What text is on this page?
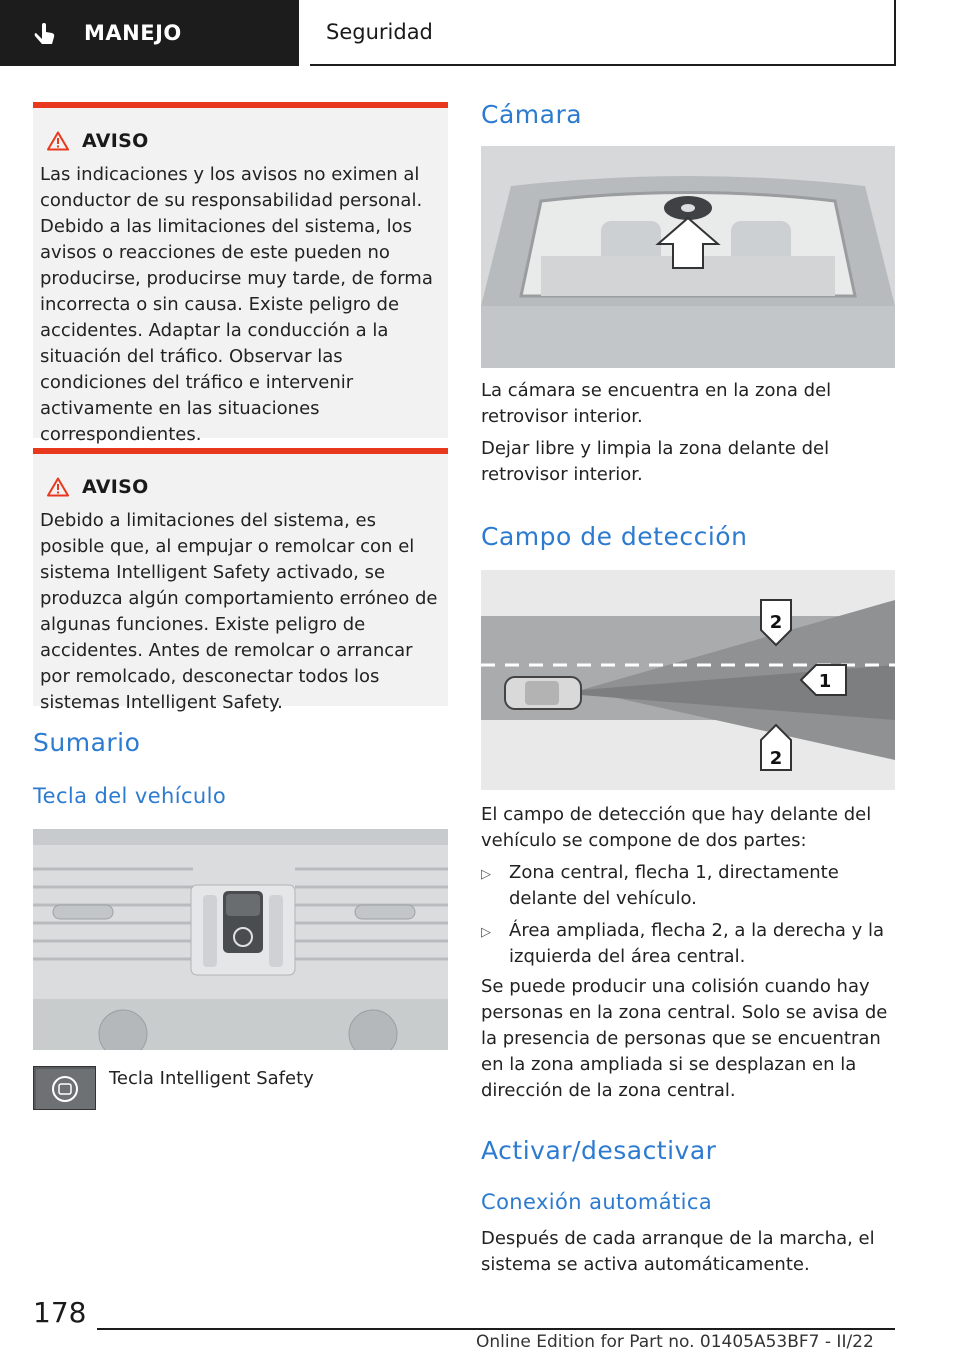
MANEJO	Seguridad
AVISO

Las indicaciones y los avisos no eximen al conductor de su responsabilidad personal. Debido a las limitaciones del sistema, los avisos o reacciones de este pueden no producirse, producirse muy tarde, de forma incorrecta o sin causa. Existe peligro de accidentes. Adaptar la conducción a la situación del tráfico. Observar las condiciones del tráfico e intervenir activamente en las situaciones correspondientes.

AVISO

Debido a limitaciones del sistema, es posible que, al empujar o remolcar con el sistema Intelligent Safety activado, se produzca algún comportamiento erróneo de algunas funciones. Existe peligro de accidentes. Antes de remolcar o arrancar por remolcado, desconectar todos los sistemas Intelligent Safety.

Sumario
Tecla del vehículo
Tecla Intelligent Safety
Cámara
La cámara se encuentra en la zona del retrovisor interior.
Dejar libre y limpia la zona delante del retrovisor interior.
Campo de detección
2
1
2
El campo de detección que hay delante del vehículo se compone de dos partes:
▷	Zona central, flecha 1, directamente delante del vehículo.
▷	Área ampliada, flecha 2, a la derecha y la izquierda del área central.
Se puede producir una colisión cuando hay personas en la zona central. Solo se avisa de la presencia de personas que se encuentran en la zona ampliada si se desplazan en la dirección de la zona central.
Activar/desactivar
Conexión automática
Después de cada arranque de la marcha, el sistema se activa automáticamente.
178
Online Edition for Part no. 01405A53BF7 - II/22
